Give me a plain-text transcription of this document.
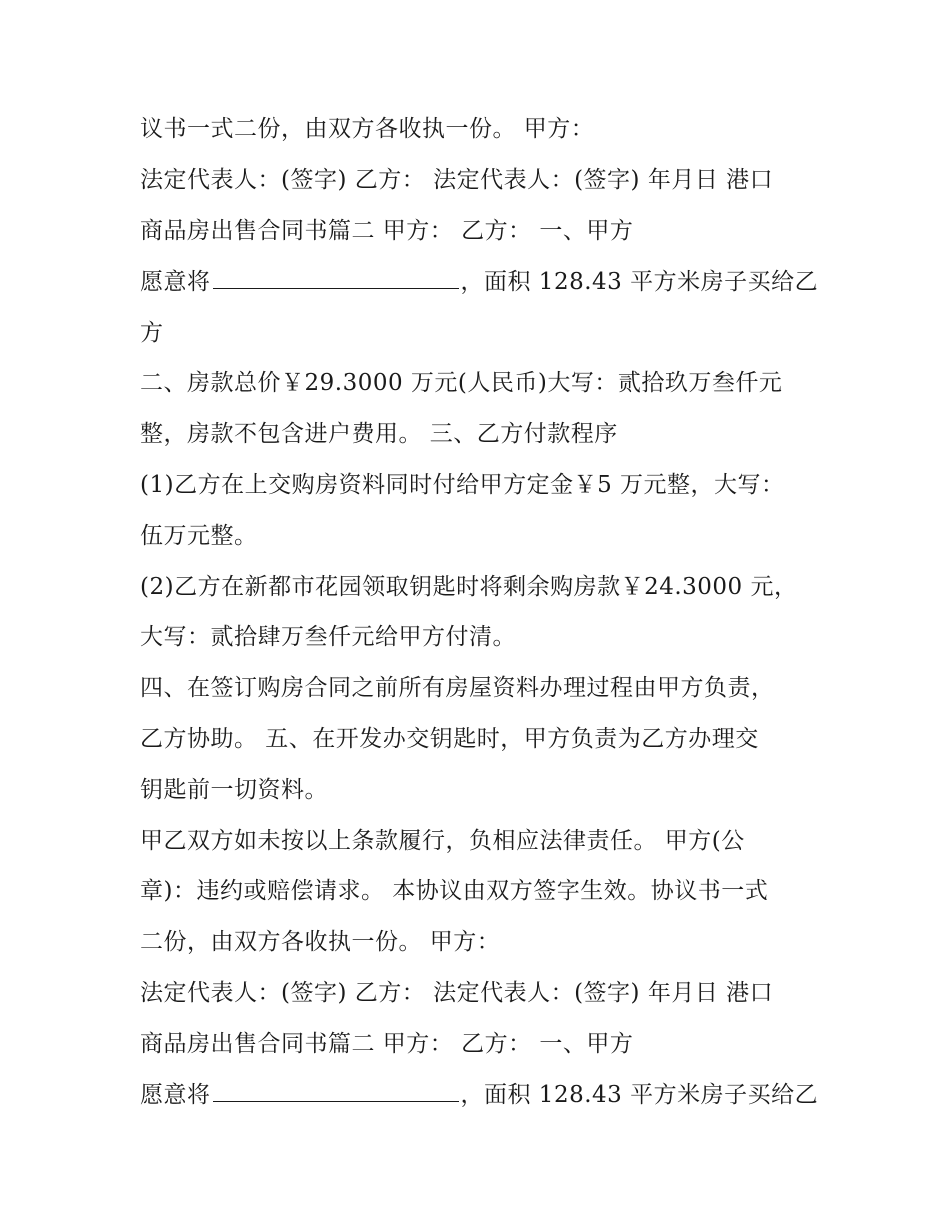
议书一式二份，由双方各收执一份。 甲方：
法定代表人：(签字) 乙方： 法定代表人：(签字) 年月日 港口
商品房出售合同书篇二 甲方： 乙方： 一、甲方
愿意将	，面积 128.43 平方米房子买给乙
方
二、房款总价￥29.3000 万元(人民币)大写：贰拾玖万叁仟元
整，房款不包含进户费用。 三、乙方付款程序
(1)乙方在上交购房资料同时付给甲方定金￥5 万元整，大写：
伍万元整。
(2)乙方在新都市花园领取钥匙时将剩余购房款￥24.3000 元，
大写：贰拾肆万叁仟元给甲方付清。
四、在签订购房合同之前所有房屋资料办理过程由甲方负责，
乙方协助。 五、在开发办交钥匙时，甲方负责为乙方办理交
钥匙前一切资料。
甲乙双方如未按以上条款履行，负相应法律责任。 甲方(公
章)：违约或赔偿请求。 本协议由双方签字生效。协议书一式
二份，由双方各收执一份。 甲方：
法定代表人：(签字) 乙方： 法定代表人：(签字) 年月日 港口
商品房出售合同书篇二 甲方： 乙方： 一、甲方
愿意将	，面积 128.43 平方米房子买给乙
